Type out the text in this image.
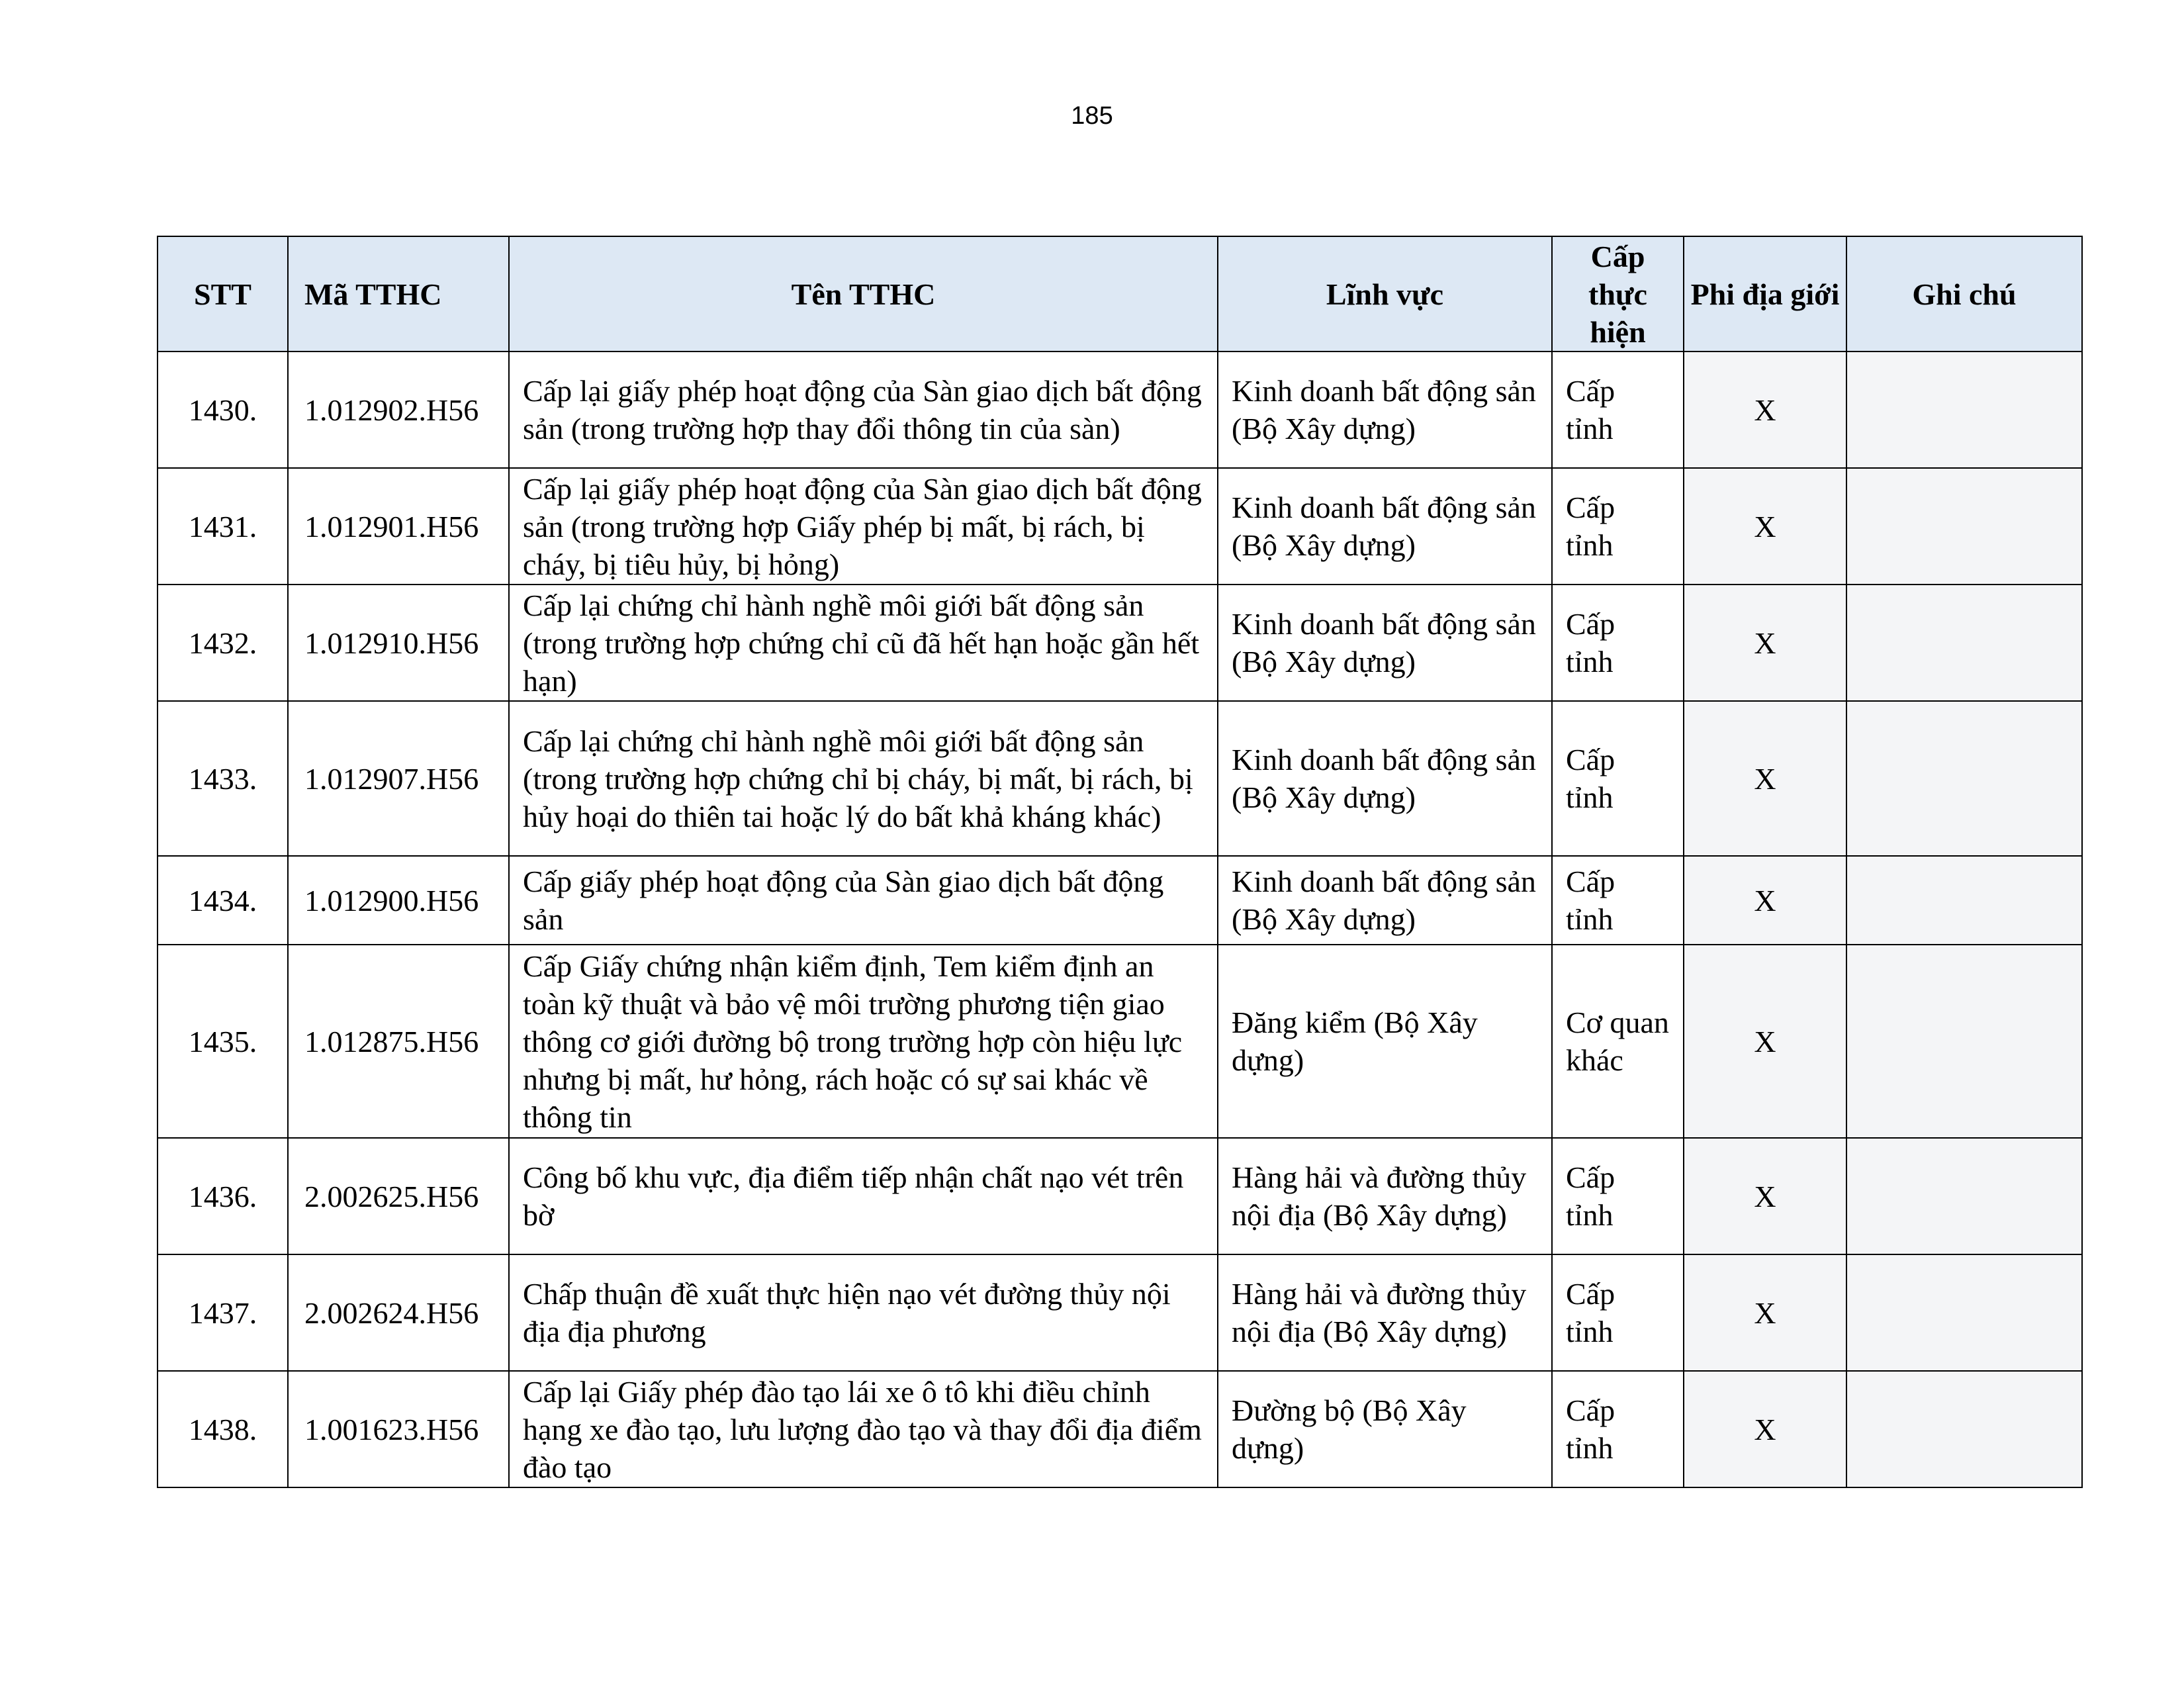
185
STT	Mã TTHC	Tên TTHC	Lĩnh vực	Cấp thực hiện	Phi địa giới	Ghi chú
1430.	1.012902.H56	Cấp lại giấy phép hoạt động của Sàn giao dịch bất động sản (trong trường hợp thay đổi thông tin của sàn)	Kinh doanh bất động sản (Bộ Xây dựng)	Cấp tỉnh	X	
1431.	1.012901.H56	Cấp lại giấy phép hoạt động của Sàn giao dịch bất động sản (trong trường hợp Giấy phép bị mất, bị rách, bị cháy, bị tiêu hủy, bị hỏng)	Kinh doanh bất động sản (Bộ Xây dựng)	Cấp tỉnh	X	
1432.	1.012910.H56	Cấp lại chứng chỉ hành nghề môi giới bất động sản (trong trường hợp chứng chỉ cũ đã hết hạn hoặc gần hết hạn)	Kinh doanh bất động sản (Bộ Xây dựng)	Cấp tỉnh	X	
1433.	1.012907.H56	Cấp lại chứng chỉ hành nghề môi giới bất động sản (trong trường hợp chứng chỉ bị cháy, bị mất, bị rách, bị hủy hoại do thiên tai hoặc lý do bất khả kháng khác)	Kinh doanh bất động sản (Bộ Xây dựng)	Cấp tỉnh	X	
1434.	1.012900.H56	Cấp giấy phép hoạt động của Sàn giao dịch bất động sản	Kinh doanh bất động sản (Bộ Xây dựng)	Cấp tỉnh	X	
1435.	1.012875.H56	Cấp Giấy chứng nhận kiểm định, Tem kiểm định an toàn kỹ thuật và bảo vệ môi trường phương tiện giao thông cơ giới đường bộ trong trường hợp còn hiệu lực nhưng bị mất, hư hỏng, rách hoặc có sự sai khác về thông tin	Đăng kiểm (Bộ Xây dựng)	Cơ quan khác	X	
1436.	2.002625.H56	Công bố khu vực, địa điểm tiếp nhận chất nạo vét trên bờ	Hàng hải và đường thủy nội địa (Bộ Xây dựng)	Cấp tỉnh	X	
1437.	2.002624.H56	Chấp thuận đề xuất thực hiện nạo vét đường thủy nội địa địa phương	Hàng hải và đường thủy nội địa (Bộ Xây dựng)	Cấp tỉnh	X	
1438.	1.001623.H56	Cấp lại Giấy phép đào tạo lái xe ô tô khi điều chỉnh hạng xe đào tạo, lưu lượng đào tạo và thay đổi địa điểm đào tạo	Đường bộ (Bộ Xây dựng)	Cấp tỉnh	X	
